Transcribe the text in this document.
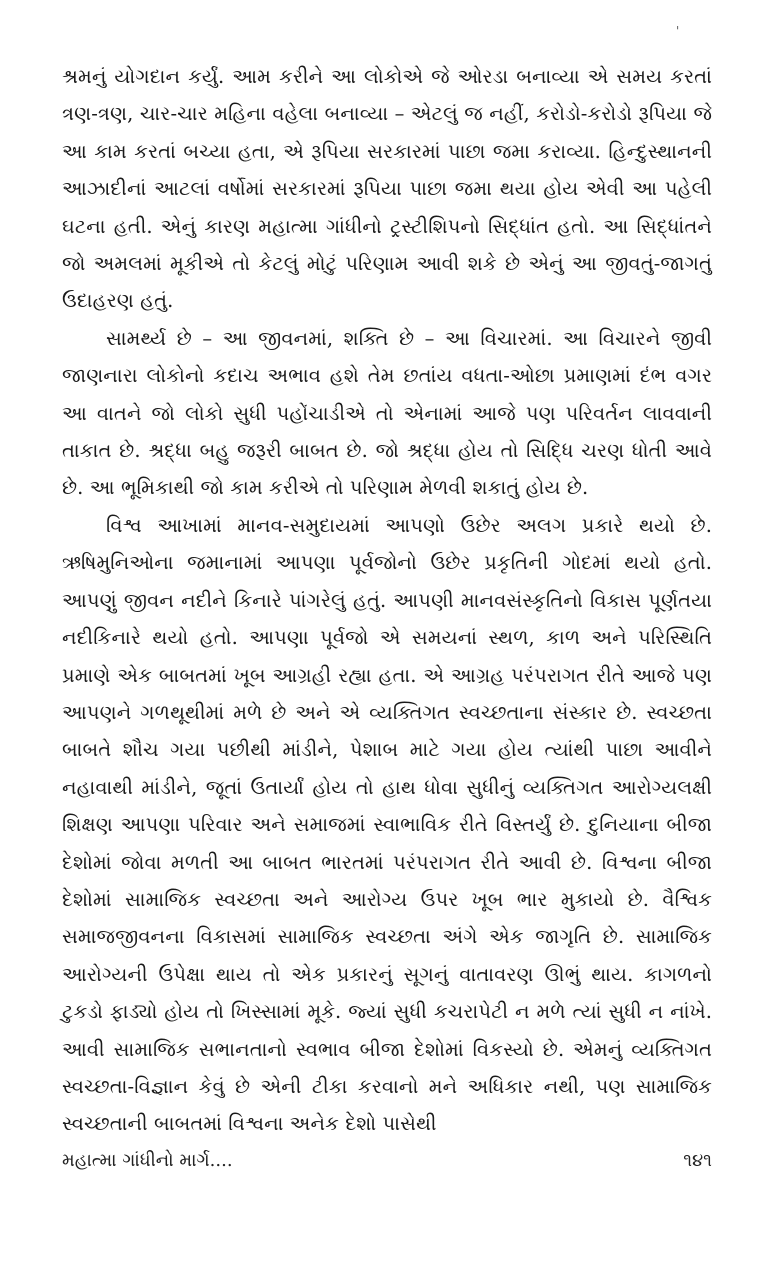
'

શ્રમનું યોગદાન કર્યું. આમ કરીને આ લોકોએ જે ઓરડા બનાવ્યા એ સમય કરતાં ત્રણ-ત્રણ, ચાર-ચાર મહિના વહેલા બનાવ્યા – એટલું જ નહીં, કરોડો-કરોડો રૂપિયા જે આ કામ કરતાં બચ્યા હતા, એ રૂપિયા સરકારમાં પાછા જમા કરાવ્યા. હિન્દુસ્થાનની આઝાદીનાં આટલાં વર્ષોમાં સરકારમાં રૂપિયા પાછા જમા થયા હોય એવી આ પહેલી ઘટના હતી. એનું કારણ મહાત્મા ગાંધીનો ટ્રસ્ટીશિપનો સિદ્ધાંત હતો. આ સિદ્ધાંતને જો અમલમાં મૂકીએ તો કેટલું મોટું પરિણામ આવી શકે છે એનું આ જીવતું-જાગતું ઉદાહરણ હતું.

સામર્થ્ય છે – આ જીવનમાં, શક્તિ છે – આ વિચારમાં. આ વિચારને જીવી જાણનારા લોકોનો કદાચ અભાવ હશે તેમ છતાંય વધતા-ઓછા પ્રમાણમાં દંભ વગર આ વાતને જો લોકો સુધી પહોંચાડીએ તો એનામાં આજે પણ પરિવર્તન લાવવાની તાકાત છે. શ્રદ્ધા બહુ જરૂરી બાબત છે. જો શ્રદ્ધા હોય તો સિદ્ધિ ચરણ ધોતી આવે છે. આ ભૂમિકાથી જો કામ કરીએ તો પરિણામ મેળવી શકાતું હોય છે.

વિશ્વ આખામાં માનવ-સમુદાયમાં આપણો ઉછેર અલગ પ્રકારે થયો છે. ઋષિમુનિઓના જમાનામાં આપણા પૂર્વજોનો ઉછેર પ્રકૃતિની ગોદમાં થયો હતો. આપણું જીવન નદીને કિનારે પાંગરેલું હતું. આપણી માનવસંસ્કૃતિનો વિકાસ પૂર્ણતયા નદીકિનારે થયો હતો. આપણા પૂર્વજો એ સમયનાં સ્થળ, કાળ અને પરિસ્થિતિ પ્રમાણે એક બાબતમાં ખૂબ આગ્રહી રહ્યા હતા. એ આગ્રહ પરંપરાગત રીતે આજે પણ આપણને ગળથૂથીમાં મળે છે અને એ વ્યક્તિગત સ્વચ્છતાના સંસ્કાર છે. સ્વચ્છતા બાબતે શૌચ ગયા પછીથી માંડીને, પેશાબ માટે ગયા હોય ત્યાંથી પાછા આવીને નહાવાથી માંડીને, જૂતાં ઉતાર્યાં હોય તો હાથ ધોવા સુધીનું વ્યક્તિગત આરોગ્યલક્ષી શિક્ષણ આપણા પરિવાર અને સમાજમાં સ્વાભાવિક રીતે વિસ્તર્યું છે. દુનિયાના બીજા દેશોમાં જોવા મળતી આ બાબત ભારતમાં પરંપરાગત રીતે આવી છે. વિશ્વના બીજા દેશોમાં સામાજિક સ્વચ્છતા અને આરોગ્ય ઉપર ખૂબ ભાર મુકાયો છે. વૈશ્વિક સમાજજીવનના વિકાસમાં સામાજિક સ્વચ્છતા અંગે એક જાગૃતિ છે. સામાજિક આરોગ્યની ઉપેક્ષા થાય તો એક પ્રકારનું સૂગનું વાતાવરણ ઊભું થાય. કાગળનો ટુકડો ફાડ્યો હોય તો ખિસ્સામાં મૂકે. જ્યાં સુધી કચરાપેટી ન મળે ત્યાં સુધી ન નાંખે. આવી સામાજિક સભાનતાનો સ્વભાવ બીજા દેશોમાં વિકસ્યો છે. એમનું વ્યક્તિગત સ્વચ્છતા-વિજ્ઞાન કેવું છે એની ટીકા કરવાનો મને અધિકાર નથી, પણ સામાજિક સ્વચ્છતાની બાબતમાં વિશ્વના અનેક દેશો પાસેથી

મહાત્મા ગાંધીનો માર્ગ....	૧૪૧
